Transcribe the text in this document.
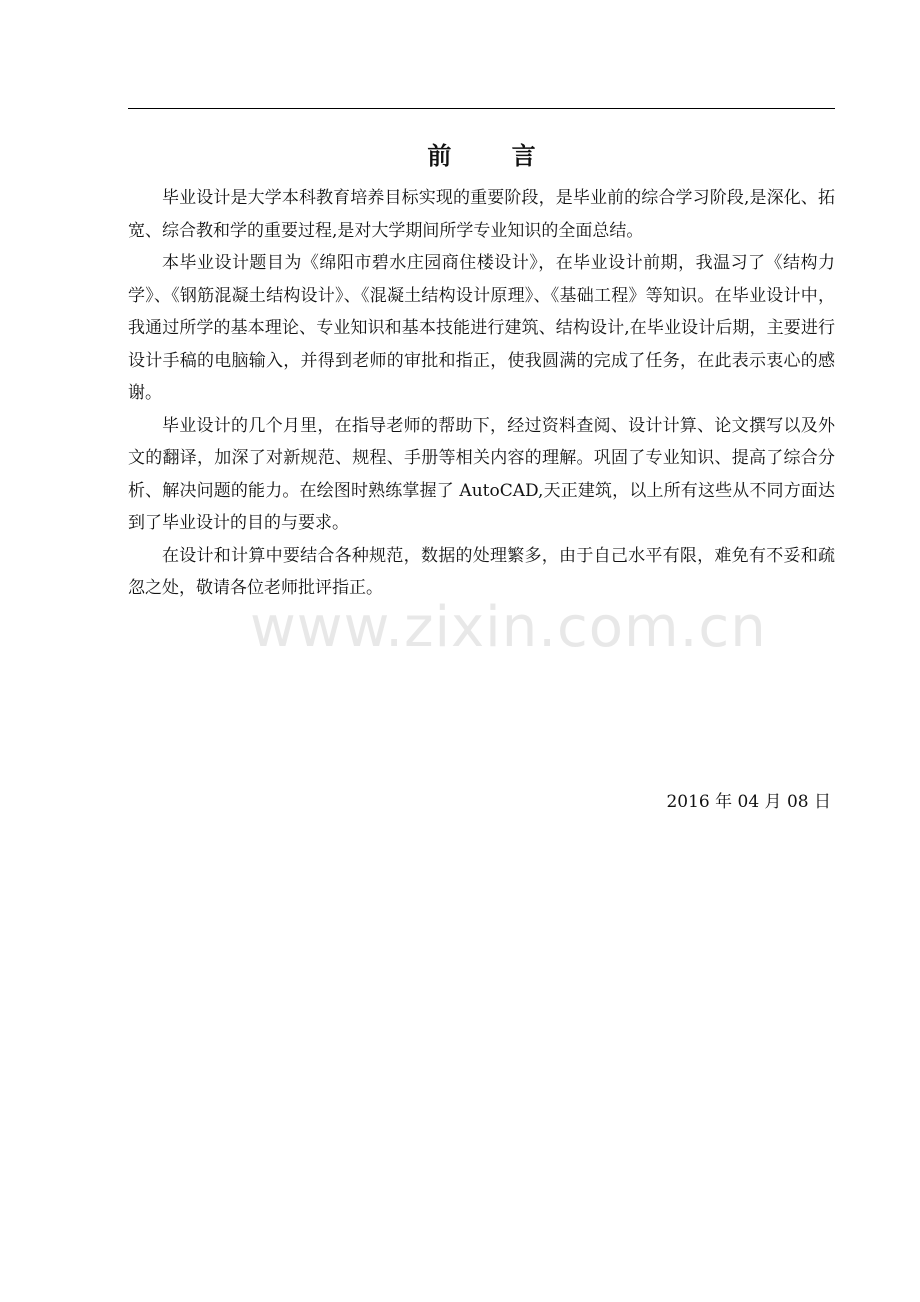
前 言

毕业设计是大学本科教育培养目标实现的重要阶段，是毕业前的综合学习阶段,是深化、拓宽、综合教和学的重要过程,是对大学期间所学专业知识的全面总结。

本毕业设计题目为《绵阳市碧水庄园商住楼设计》，在毕业设计前期，我温习了《结构力学》、《钢筋混凝土结构设计》、《混凝土结构设计原理》、《基础工程》等知识。在毕业设计中，我通过所学的基本理论、专业知识和基本技能进行建筑、结构设计,在毕业设计后期，主要进行设计手稿的电脑输入，并得到老师的审批和指正，使我圆满的完成了任务，在此表示衷心的感谢。

毕业设计的几个月里，在指导老师的帮助下，经过资料查阅、设计计算、论文撰写以及外文的翻译，加深了对新规范、规程、手册等相关内容的理解。巩固了专业知识、提高了综合分析、解决问题的能力。在绘图时熟练掌握了 AutoCAD,天正建筑，以上所有这些从不同方面达到了毕业设计的目的与要求。

在设计和计算中要结合各种规范，数据的处理繁多，由于自己水平有限，难免有不妥和疏忽之处，敬请各位老师批评指正。

2016 年 04 月 08 日

www.zixin.com.cn
